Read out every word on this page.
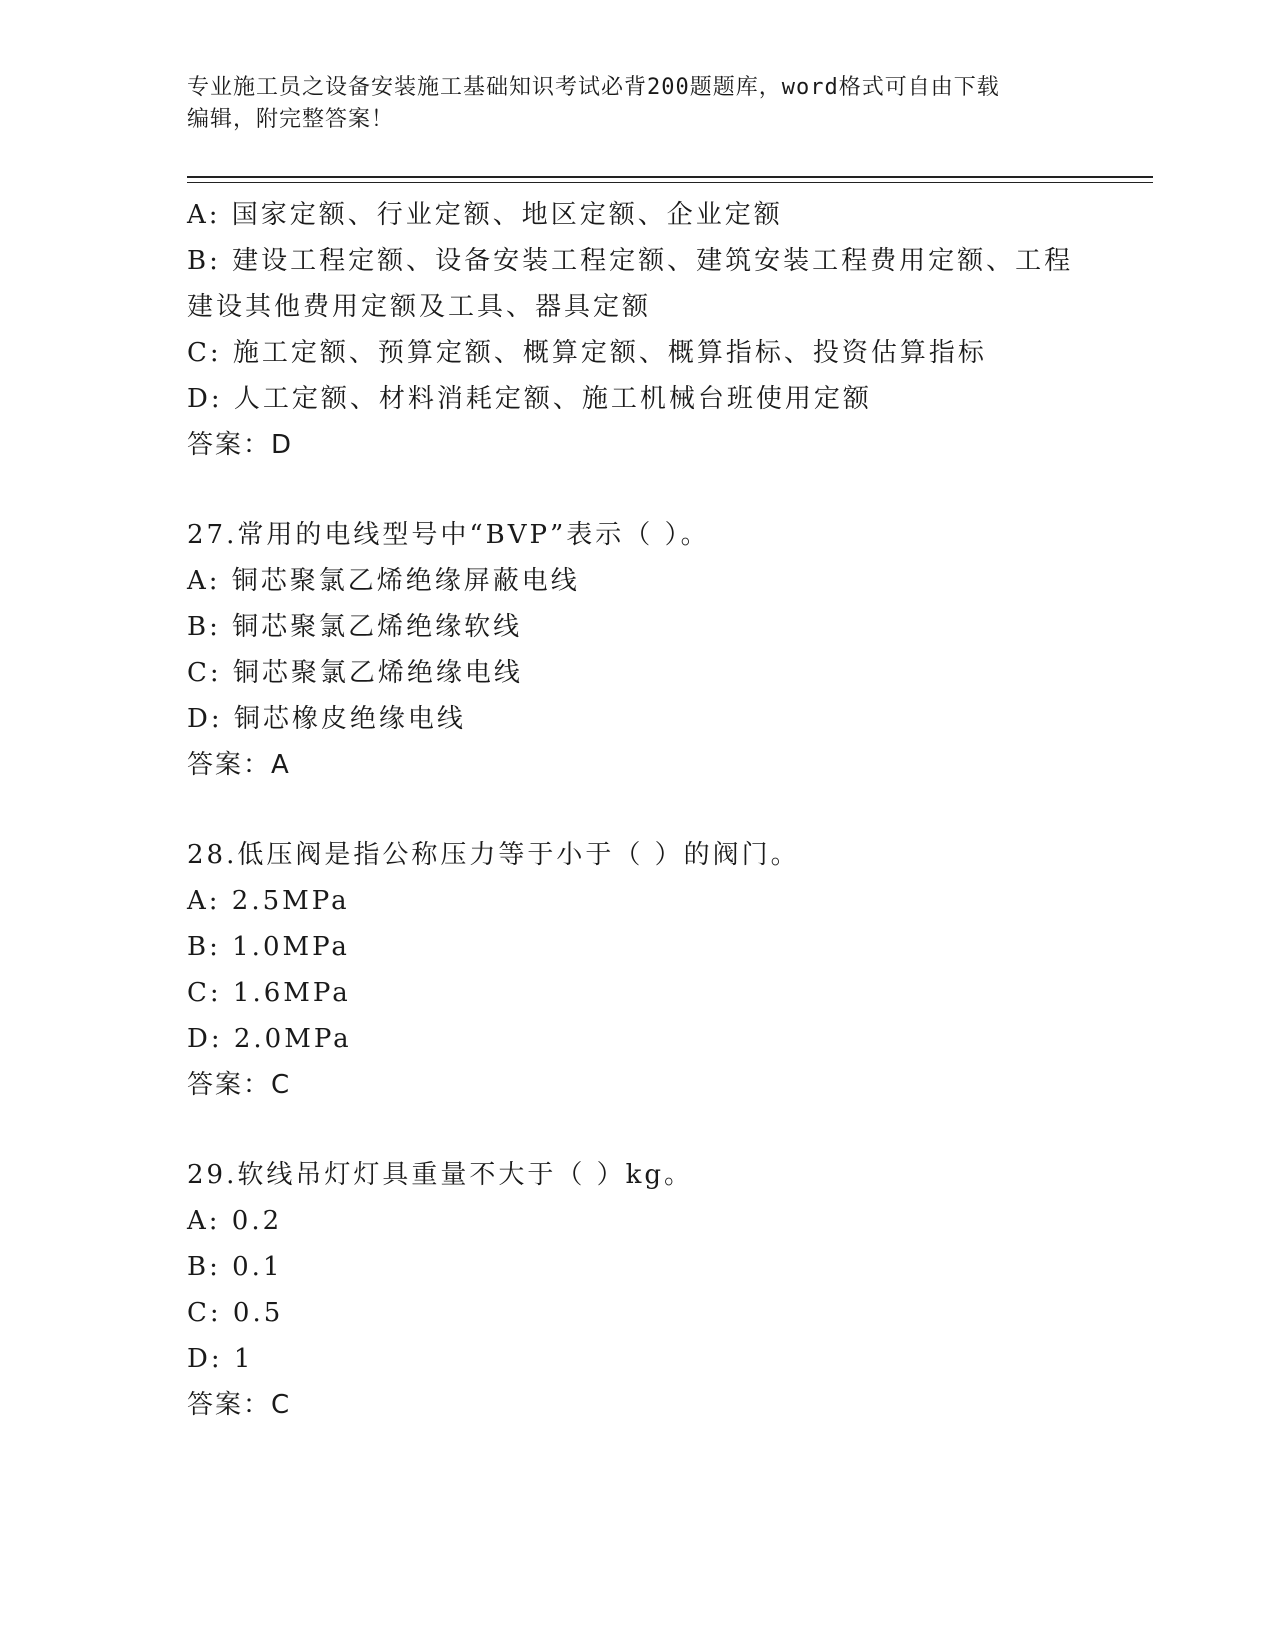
专业施工员之设备安装施工基础知识考试必背200题题库，word格式可自由下载
编辑，附完整答案！
A: 国家定额、行业定额、地区定额、企业定额
B: 建设工程定额、设备安装工程定额、建筑安装工程费用定额、工程
建设其他费用定额及工具、器具定额
C: 施工定额、预算定额、概算定额、概算指标、投资估算指标
D: 人工定额、材料消耗定额、施工机械台班使用定额
答案：D
27.常用的电线型号中“BVP”表示（ ）。
A: 铜芯聚氯乙烯绝缘屏蔽电线
B: 铜芯聚氯乙烯绝缘软线
C: 铜芯聚氯乙烯绝缘电线
D: 铜芯橡皮绝缘电线
答案：A
28.低压阀是指公称压力等于小于（ ）的阀门。
A: 2.5MPa
B: 1.0MPa
C: 1.6MPa
D: 2.0MPa
答案：C
29.软线吊灯灯具重量不大于（ ）kg。
A: 0.2
B: 0.1
C: 0.5
D: 1
答案：C
